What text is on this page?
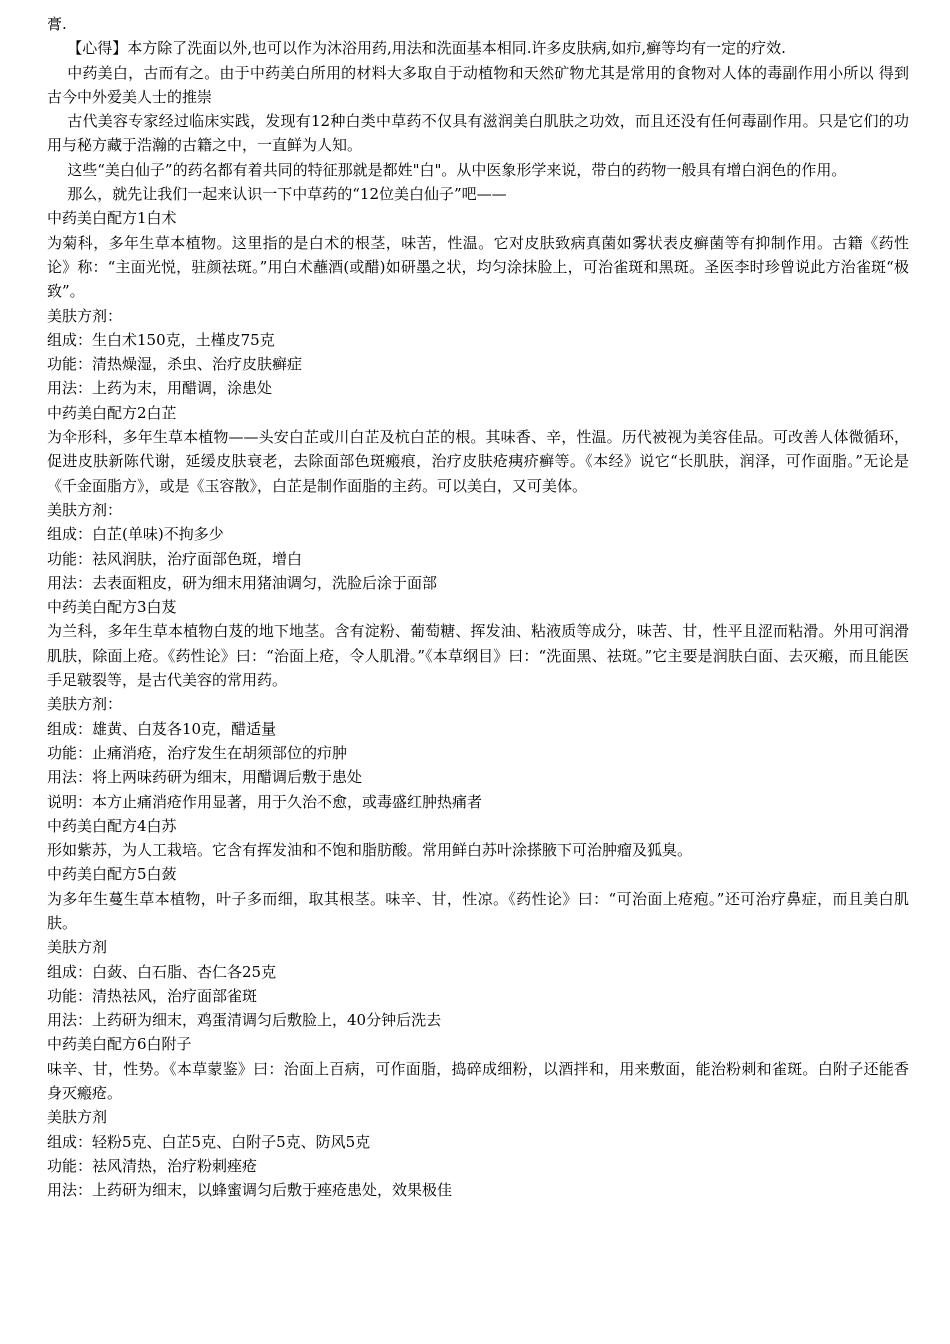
膏.

【心得】本方除了洗面以外,也可以作为沐浴用药,用法和洗面基本相同.许多皮肤病,如疖,癣等均有一定的疗效.

中药美白，古而有之。由于中药美白所用的材料大多取自于动植物和天然矿物尤其是常用的食物对人体的毒副作用小所以 得到古今中外爱美人士的推崇

古代美容专家经过临床实践，发现有12种白类中草药不仅具有滋润美白肌肤之功效，而且还没有任何毒副作用。只是它们的功用与秘方藏于浩瀚的古籍之中，一直鲜为人知。

这些“美白仙子”的药名都有着共同的特征那就是都姓"白"。从中医象形学来说，带白的药物一般具有增白润色的作用。

那么，就先让我们一起来认识一下中草药的“12位美白仙子”吧——

中药美白配方1白术

为菊科，多年生草本植物。这里指的是白术的根茎，味苦，性温。它对皮肤致病真菌如雾状表皮癣菌等有抑制作用。古籍《药性论》称：“主面光悦，驻颜祛斑。”用白术蘸酒(或醋)如研墨之状，均匀涂抹脸上，可治雀斑和黑斑。圣医李时珍曾说此方治雀斑“极致”。

美肤方剂：

组成：生白术150克，土槿皮75克

功能：清热燥湿，杀虫、治疗皮肤癣症

用法：上药为末，用醋调，涂患处

中药美白配方2白芷

为伞形科，多年生草本植物——头安白芷或川白芷及杭白芷的根。其味香、辛，性温。历代被视为美容佳品。可改善人体微循环，促进皮肤新陈代谢，延缓皮肤衰老，去除面部色斑瘢痕，治疗皮肤疮痍疥癣等。《本经》说它“长肌肤，润泽，可作面脂。”无论是《千金面脂方》，或是《玉容散》，白芷是制作面脂的主药。可以美白，又可美体。

美肤方剂：

组成：白芷(单味)不拘多少

功能：祛风润肤，治疗面部色斑，增白

用法：去表面粗皮，研为细末用猪油调匀，洗脸后涂于面部

中药美白配方3白芨

为兰科，多年生草本植物白芨的地下地茎。含有淀粉、葡萄糖、挥发油、粘液质等成分，味苦、甘，性平且涩而粘滑。外用可润滑肌肤，除面上疮。《药性论》曰：“治面上疮，令人肌滑。”《本草纲目》曰：“洗面黑、祛斑。”它主要是润肤白面、去灭瘢，而且能医手足皲裂等，是古代美容的常用药。

美肤方剂：

组成：雄黄、白芨各10克，醋适量

功能：止痛消疮，治疗发生在胡须部位的疖肿

用法：将上两味药研为细末，用醋调后敷于患处

说明：本方止痛消疮作用显著，用于久治不愈，或毒盛红肿热痛者

中药美白配方4白苏

形如紫苏，为人工栽培。它含有挥发油和不饱和脂肪酸。常用鲜白苏叶涂搽腋下可治肿瘤及狐臭。

中药美白配方5白蔹

为多年生蔓生草本植物，叶子多而细，取其根茎。味辛、甘，性凉。《药性论》曰：“可治面上疮疱。”还可治疗鼻症，而且美白肌肤。

美肤方剂

组成：白蔹、白石脂、杏仁各25克

功能：清热祛风，治疗面部雀斑

用法：上药研为细末，鸡蛋清调匀后敷脸上，40分钟后洗去

中药美白配方6白附子

味辛、甘，性势。《本草蒙鉴》曰：治面上百病，可作面脂，捣碎成细粉，以酒拌和，用来敷面，能治粉刺和雀斑。白附子还能香身灭瘢疮。

美肤方剂

组成：轻粉5克、白芷5克、白附子5克、防风5克

功能：祛风清热，治疗粉刺痤疮

用法：上药研为细末，以蜂蜜调匀后敷于痤疮患处，效果极佳
